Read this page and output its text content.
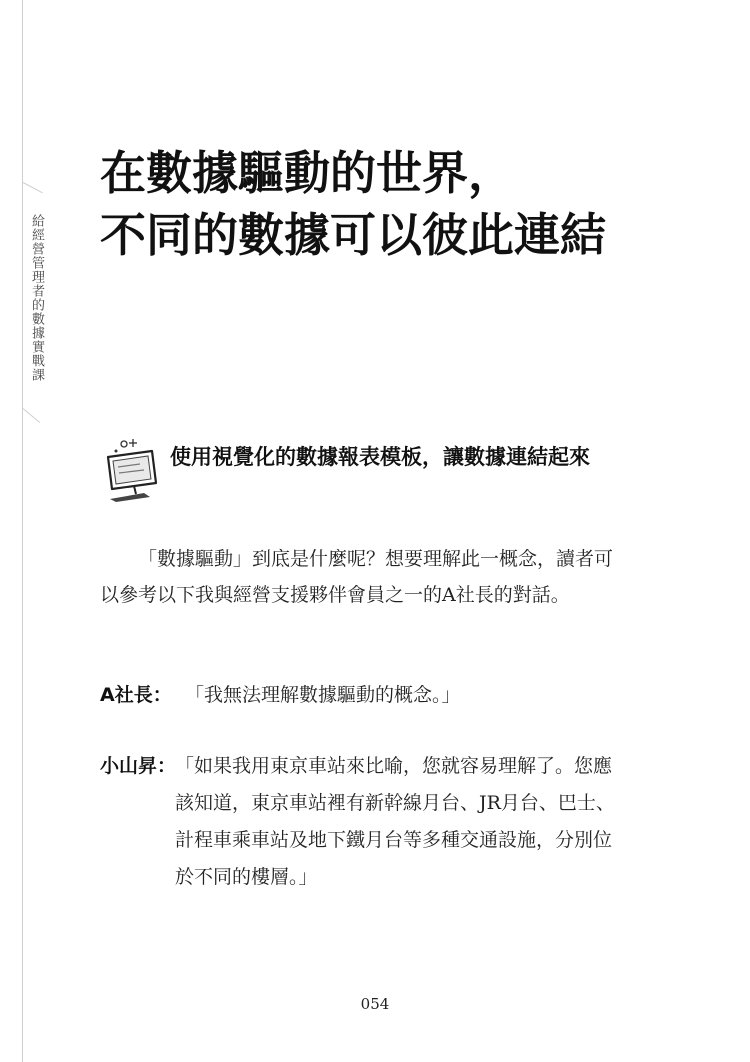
給經營管理者的數據實戰課
在數據驅動的世界，
不同的數據可以彼此連結
使用視覺化的數據報表模板，讓數據連結起來

「數據驅動」到底是什麼呢？想要理解此一概念，讀者可以參考以下我與經營支援夥伴會員之一的A社長的對話。

A社長： 「我無法理解數據驅動的概念。」

小山昇：

「如果我用東京車站來比喻，您就容易理解了。您應該知道，東京車站裡有新幹線月台、JR月台、巴士、計程車乘車站及地下鐵月台等多種交通設施，分別位於不同的樓層。」

054
